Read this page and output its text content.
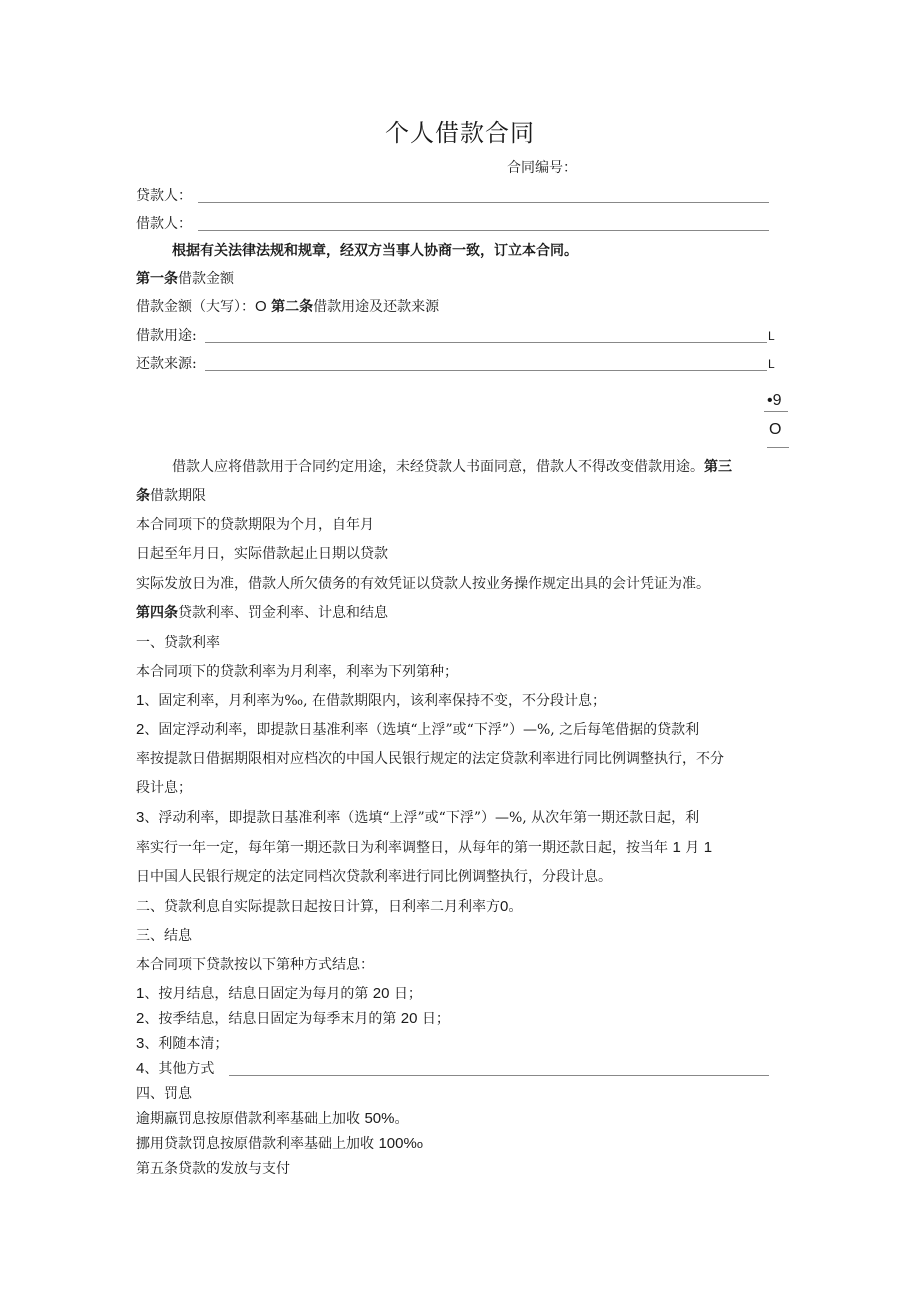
个人借款合同
合同编号：
贷款人：
借款人：
根据有关法律法规和规章，经双方当事人协商一致，订立本合同。
第一条借款金额
借款金额（大写）：O 第二条借款用途及还款来源
借款用途:	L
还款来源:	L
•9
O
借款人应将借款用于合同约定用途，未经贷款人书面同意，借款人不得改变借款用途。第三
条借款期限
本合同项下的贷款期限为个月，自年月
日起至年月日，实际借款起止日期以贷款
实际发放日为准，借款人所欠债务的有效凭证以贷款人按业务操作规定出具的会计凭证为准。
第四条贷款利率、罚金利率、计息和结息
一、贷款利率
本合同项下的贷款利率为月利率，利率为下列第种；
1、固定利率，月利率为‰, 在借款期限内，该利率保持不变，不分段计息；
2、固定浮动利率，即提款日基准利率（选填“上浮”或“下浮”）—%, 之后每笔借据的贷款利
率按提款日借据期限相对应档次的中国人民银行规定的法定贷款利率进行同比例调整执行，不分
段计息；
3、浮动利率，即提款日基准利率（选填“上浮”或“下浮”）—%, 从次年第一期还款日起，利
率实行一年一定，每年第一期还款日为利率调整日，从每年的第一期还款日起，按当年 1 月 1
日中国人民银行规定的法定同档次贷款利率进行同比例调整执行，分段计息。
二、贷款利息自实际提款日起按日计算，日利率二月利率方0。
三、结息
本合同项下贷款按以下第种方式结息：
1、按月结息，结息日固定为每月的第 20 日；
2、按季结息，结息日固定为每季末月的第 20 日；
3、利随本清；
4、其他方式
四、罚息
逾期羸罚息按原借款利率基础上加收 50%。
挪用贷款罚息按原借款利率基础上加收 100%o
第五条贷款的发放与支付
